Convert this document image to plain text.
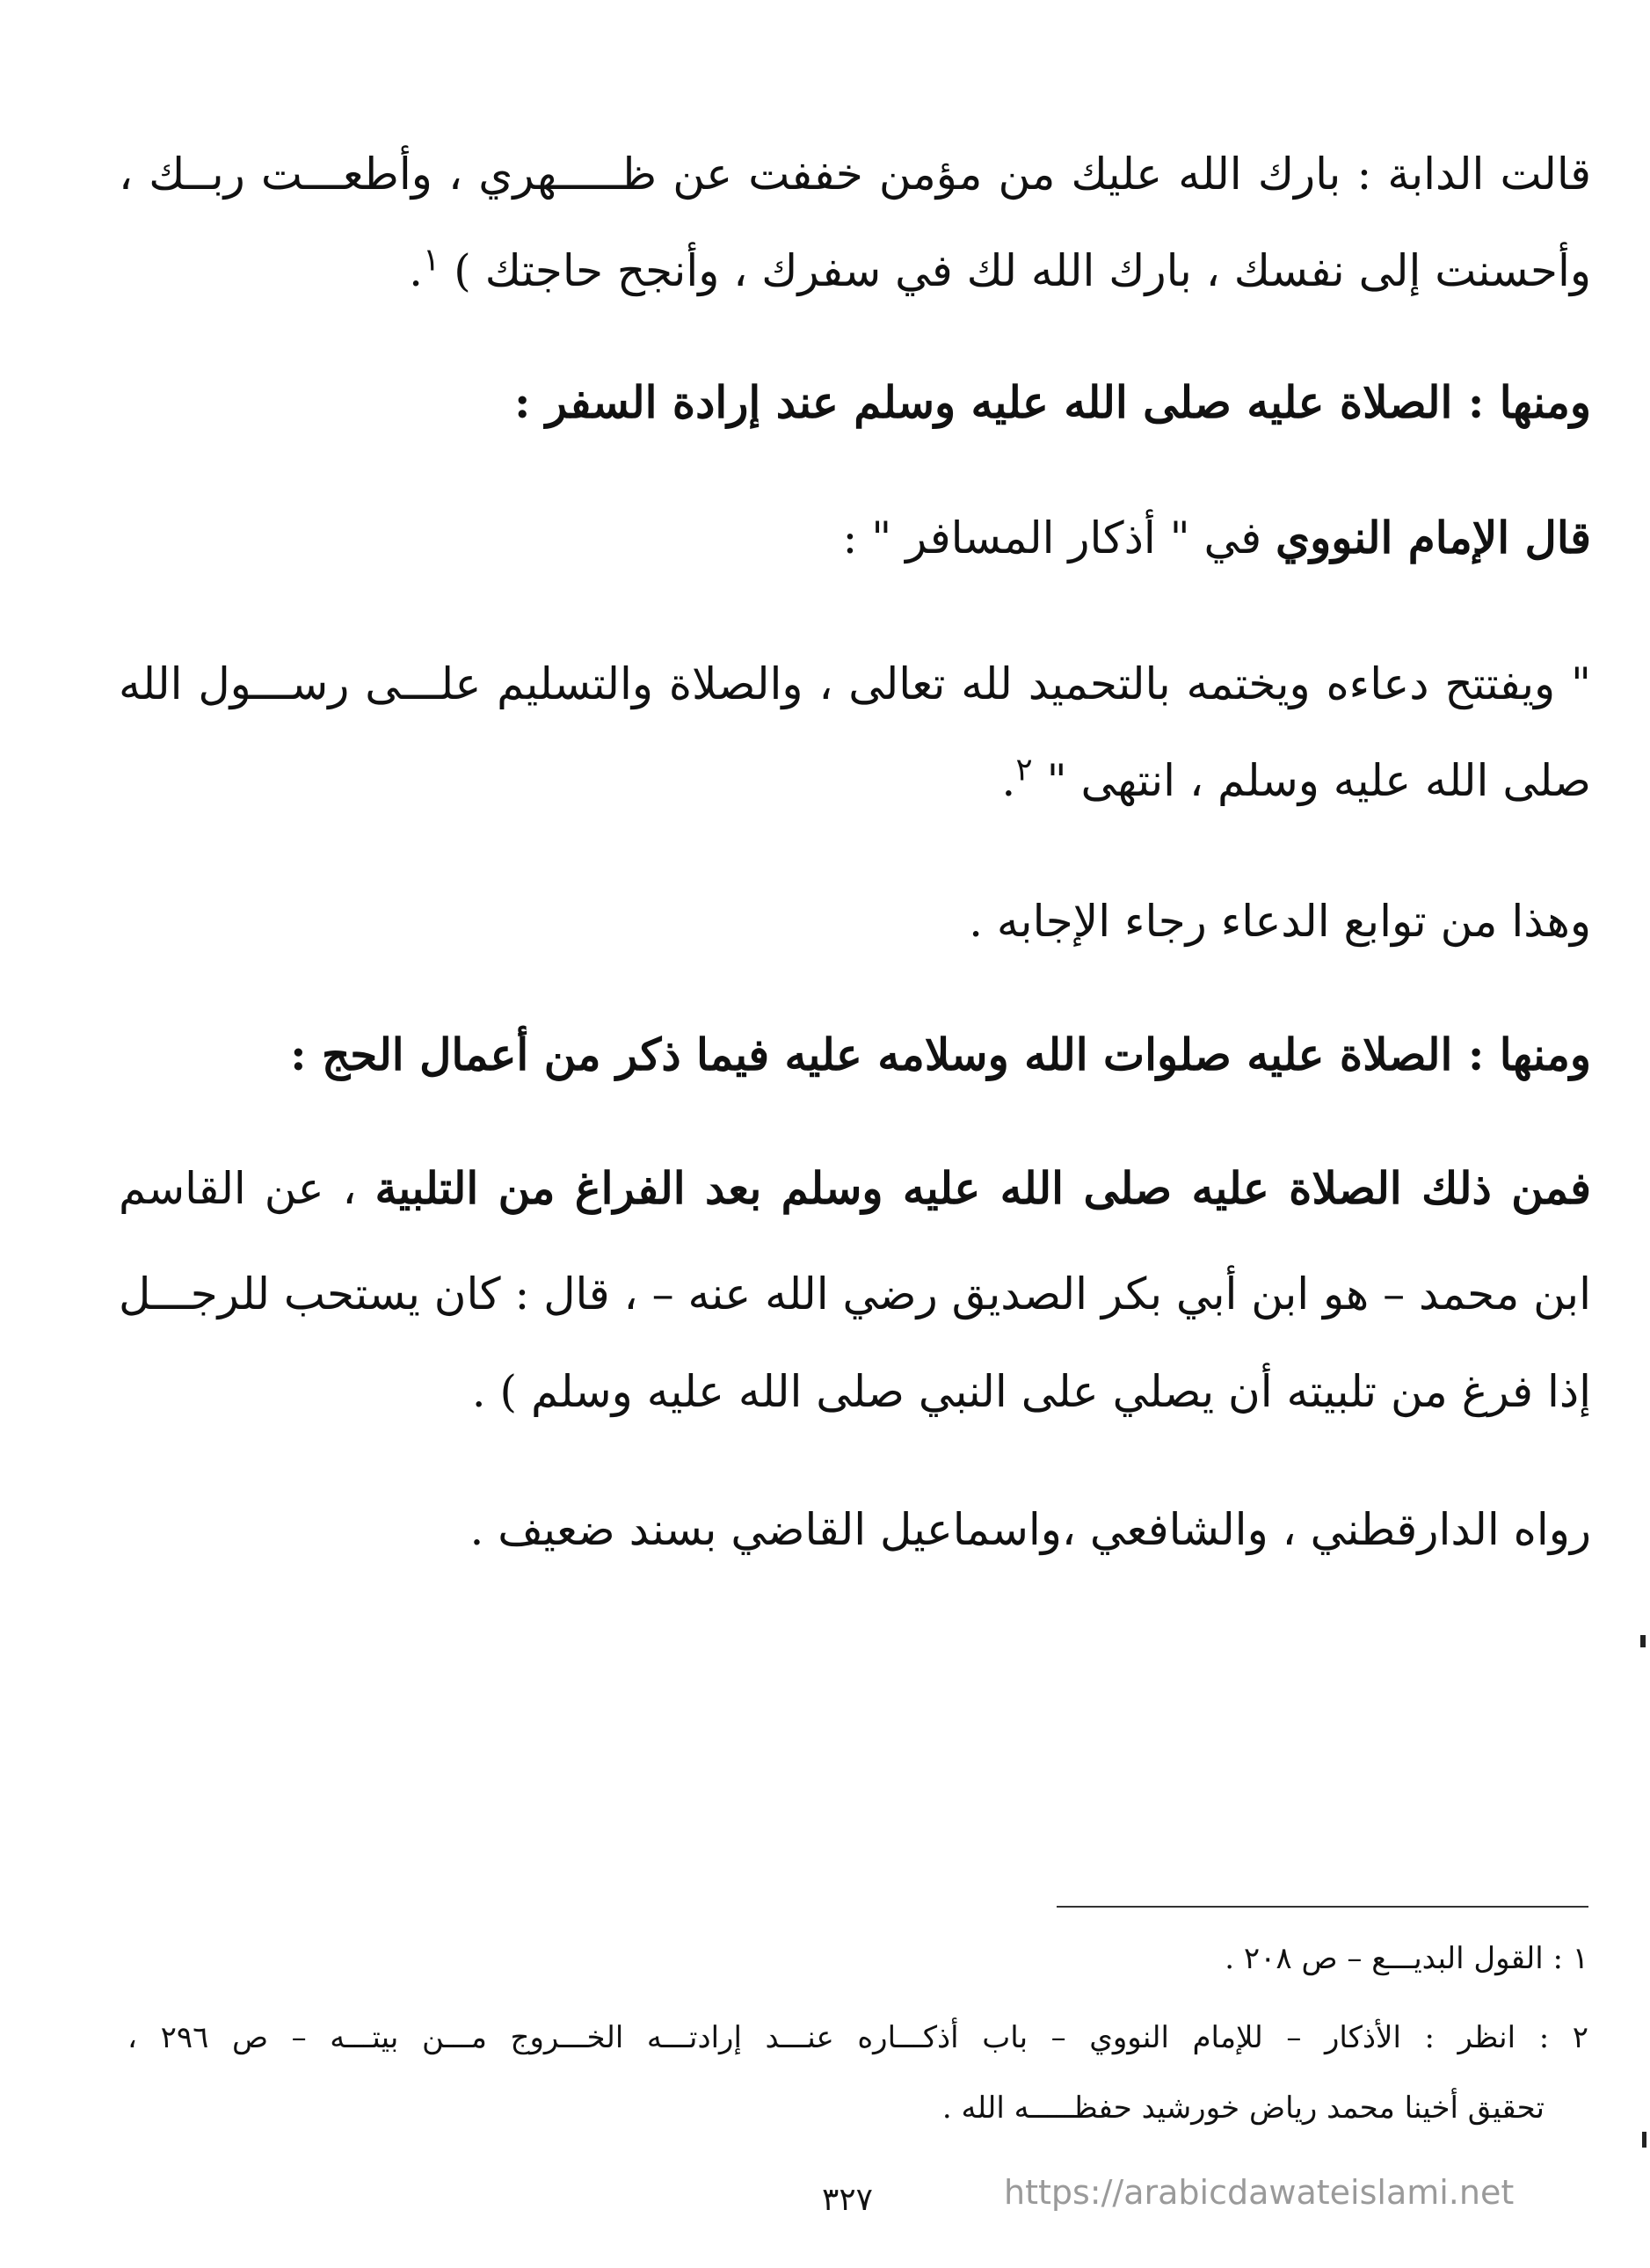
قالت الدابة : بارك الله عليك من مؤمن خففت عن ظـــــهري ، وأطعـــت ربــك ،
وأحسنت إلى نفسك ، بارك الله لك في سفرك ، وأنجح حاجتك ) $^١$.
ومنها : الصلاة عليه صلى الله عليه وسلم عند إرادة السفر :
قال الإمام النووي في " أذكار المسافر " :
" ويفتتح دعاءه ويختمه بالتحميد لله تعالى ، والصلاة والتسليم علـــى رســـول الله
صلى الله عليه وسلم ، انتهى " $^٢$.
وهذا من توابع الدعاء رجاء الإجابه .
ومنها : الصلاة عليه صلوات الله وسلامه عليه فيما ذكر من أعمال الحج :
فمن ذلك الصلاة عليه صلى الله عليه وسلم بعد الفراغ من التلبية ، عن القاسم
ابن محمد – هو ابن أبي بكر الصديق رضي الله عنه – ، قال : كان يستحب للرجـــل
إذا فرغ من تلبيته أن يصلي على النبي صلى الله عليه وسلم ) .
رواه الدارقطني ، والشافعي ،واسماعيل القاضي بسند ضعيف .
١ : القول البديـــع – ص ٢٠٨ .
٢ : انظر : الأذكار – للإمام النووي – باب أذكـــاره عنـــد إرادتـــه الخـــروج مـــن بيتـــه – ص ٢٩٦ ،
تحقيق أخينا محمد رياض خورشيد حفظـــــه الله .
٣٢٧	https://arabicdawateislami.net
